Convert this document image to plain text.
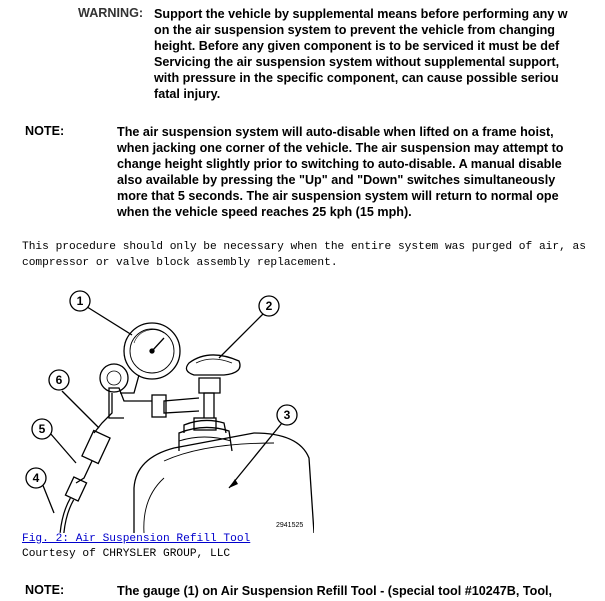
WARNING: Support the vehicle by supplemental means before performing any w
on the air suspension system to prevent the vehicle from changing
height. Before any given component is to be serviced it must be def
Servicing the air suspension system without supplemental support,
with pressure in the specific component, can cause possible seriou
fatal injury.
NOTE:	The air suspension system will auto-disable when lifted on a frame hoist,
when jacking one corner of the vehicle. The air suspension may attempt to
change height slightly prior to switching to auto-disable. A manual disable
also available by pressing the "Up" and "Down" switches simultaneously
more that 5 seconds. The air suspension system will return to normal ope
when the vehicle speed reaches 25 kph (15 mph).
This procedure should only be necessary when the entire system was purged of air, as
compressor or valve block assembly replacement.
1	2
3
4
5
6
2941525
Fig. 2: Air Suspension Refill Tool
Courtesy of CHRYSLER GROUP, LLC
NOTE:	The gauge (1) on Air Suspension Refill Tool - (special tool #10247B, Tool,
